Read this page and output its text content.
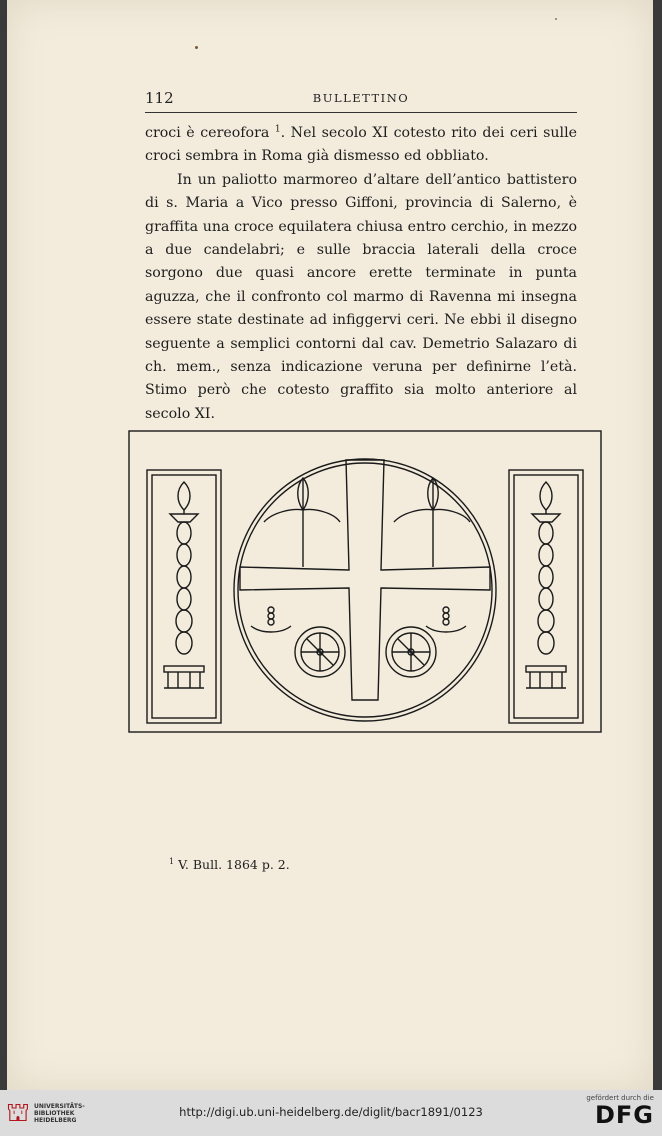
112	BULLETTINO

croci è cereofora $^1$. Nel secolo XI cotesto rito dei ceri sulle croci sembra in Roma già dismesso ed obbliato.

In un paliotto marmoreo d’altare dell’antico battistero di s. Maria a Vico presso Giffoni, provincia di Salerno, è graffita una croce equilatera chiusa entro cerchio, in mezzo a due candelabri; e sulle braccia laterali della croce sorgono due quasi ancore erette terminate in punta aguzza, che il confronto col marmo di Ravenna mi insegna essere state destinate ad infiggervi ceri. Ne ebbi il disegno seguente a semplici contorni dal cav. Demetrio Salazaro di ch. mem., senza indicazione veruna per definirne l’età. Stimo però che cotesto graffito sia molto anteriore al secolo XI.

$^1$ V. Bull. 1864 p. 2.
⛫ UNIVERSITÄTS-
BIBLIOTHEK
HEIDELBERG
http://digi.ub.uni-heidelberg.de/diglit/bacr1891/0123
gefördert durch die
DFG
